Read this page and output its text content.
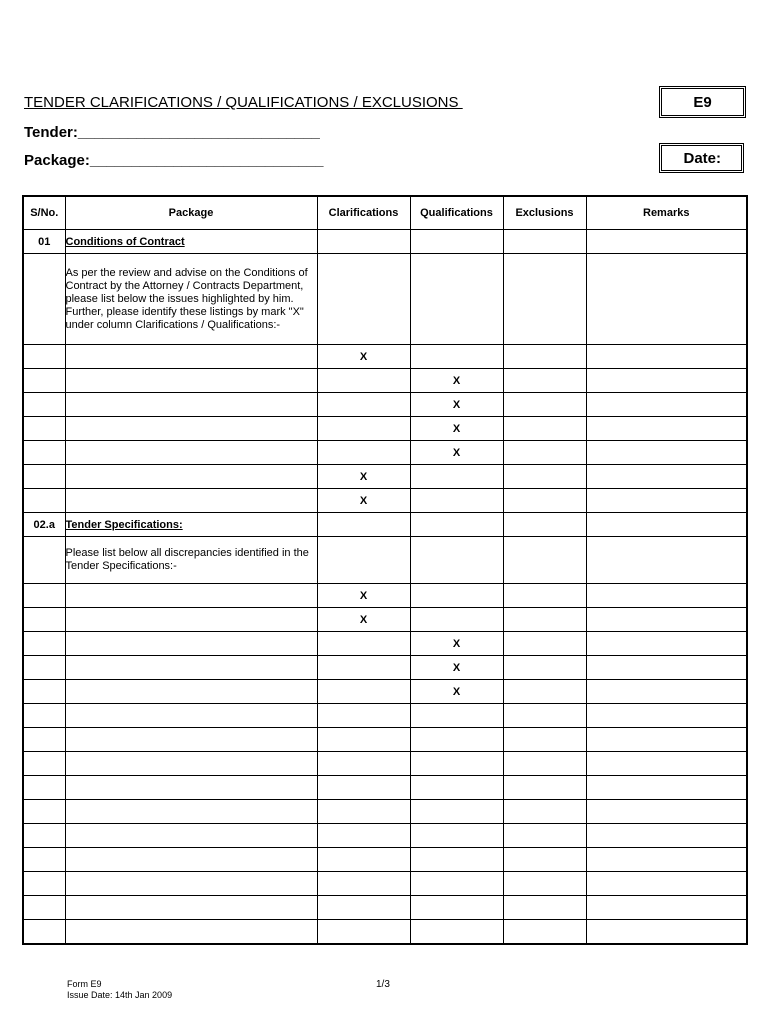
TENDER CLARIFICATIONS / QUALIFICATIONS / EXCLUSIONS	E9
Tender:_____________________________
Package:____________________________	Date:
S/No.	Package	Clarifications	Qualifications	Exclusions	Remarks
01	Conditions of Contract				
	As per the review and advise on the Conditions of Contract by the Attorney / Contracts Department, please list below the issues highlighted by him. Further, please identify these listings by mark "X" under column Clarifications / Qualifications:-				
		X			
			X		
			X		
			X		
			X		
		X			
		X			
02.a	Tender Specifications:				
	Please list below all discrepancies identified in the Tender Specifications:-				
		X			
		X			
			X		
			X		
			X		

Form E9
Issue Date: 14th Jan 2009
1/3
